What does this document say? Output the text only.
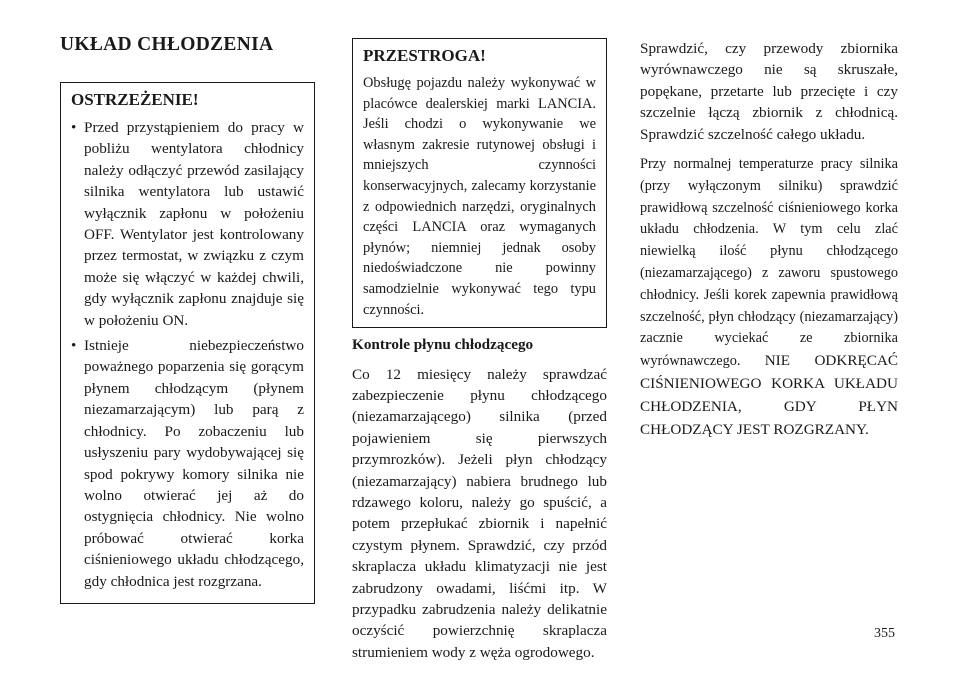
UKŁAD CHŁODZENIA
OSTRZEŻENIE!
• Przed przystąpieniem do pracy w pobliżu wentylatora chłodnicy należy odłączyć przewód zasilający silnika wentylatora lub ustawić wyłącznik zapłonu w położeniu OFF. Wentylator jest kontrolowany przez termostat, w związku z czym może się włączyć w każdej chwili, gdy wyłącznik zapłonu znajduje się w położeniu ON.
• Istnieje niebezpieczeństwo poważnego poparzenia się gorącym płynem chłodzącym (płynem niezamarzającym) lub parą z chłodnicy. Po zobaczeniu lub usłyszeniu pary wydobywającej się spod pokrywy komory silnika nie wolno otwierać jej aż do ostygnięcia chłodnicy. Nie wolno próbować otwierać korka ciśnieniowego układu chłodzącego, gdy chłodnica jest rozgrzana.
PRZESTROGA!

Obsługę pojazdu należy wykonywać w placówce dealerskiej marki LANCIA. Jeśli chodzi o wykonywanie we własnym zakresie rutynowej obsługi i mniejszych czynności konserwacyjnych, zalecamy korzystanie z odpowiednich narzędzi, oryginalnych części LANCIA oraz wymaganych płynów; niemniej jednak osoby niedoświadczone nie powinny samodzielnie wykonywać tego typu czynności.

Kontrole płynu chłodzącego

Co 12 miesięcy należy sprawdzać zabezpieczenie płynu chłodzącego (niezamarzającego) silnika (przed pojawieniem się pierwszych przymrozków). Jeżeli płyn chłodzący (niezamarzający) nabiera brudnego lub rdzawego koloru, należy go spuścić, a potem przepłukać zbiornik i napełnić czystym płynem. Sprawdzić, czy przód skraplacza układu klimatyzacji nie jest zabrudzony owadami, liśćmi itp. W przypadku zabrudzenia należy delikatnie oczyścić powierzchnię skraplacza strumieniem wody z węża ogrodowego.

Sprawdzić, czy przewody zbiornika wyrównawczego nie są skruszałe, popękane, przetarte lub przecięte i czy szczelnie łączą zbiornik z chłodnicą. Sprawdzić szczelność całego układu.

Przy normalnej temperaturze pracy silnika (przy wyłączonym silniku) sprawdzić prawidłową szczelność ciśnieniowego korka układu chłodzenia. W tym celu zlać niewielką ilość płynu chłodzącego (niezamarzającego) z zaworu spustowego chłodnicy. Jeśli korek zapewnia prawidłową szczelność, płyn chłodzący (niezamarzający) zacznie wyciekać ze zbiornika wyrównawczego. NIE ODKRĘCAĆ CIŚNIENIOWEGO KORKA UKŁADU CHŁODZENIA, GDY PŁYN CHŁODZĄCY JEST ROZGRZANY.

355
